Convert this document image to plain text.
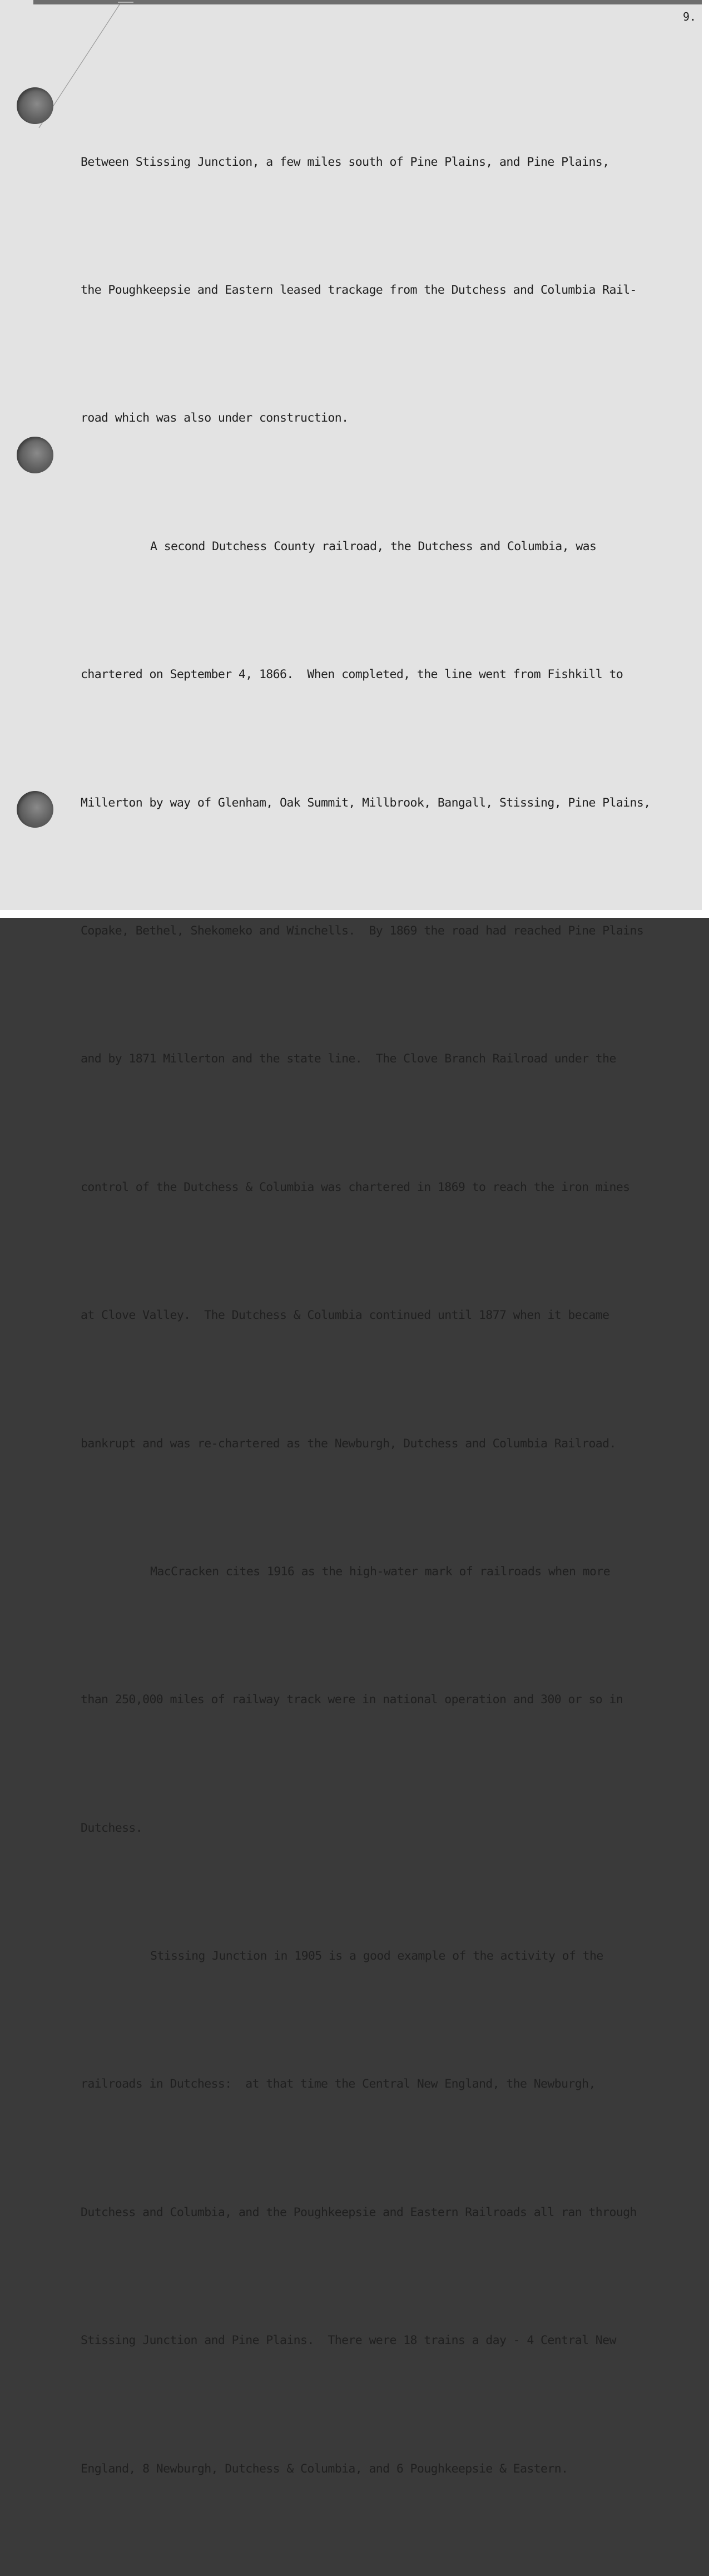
9.

Between Stissing Junction, a few miles south of Pine Plains, and Pine Plains,

the Poughkeepsie and Eastern leased trackage from the Dutchess and Columbia Rail-

road which was also under construction.

A second Dutchess County railroad, the Dutchess and Columbia, was

chartered on September 4, 1866.  When completed, the line went from Fishkill to

Millerton by way of Glenham, Oak Summit, Millbrook, Bangall, Stissing, Pine Plains,

Copake, Bethel, Shekomeko and Winchells.  By 1869 the road had reached Pine Plains

and by 1871 Millerton and the state line.  The Clove Branch Railroad under the

control of the Dutchess & Columbia was chartered in 1869 to reach the iron mines

at Clove Valley.  The Dutchess & Columbia continued until 1877 when it became

bankrupt and was re-chartered as the Newburgh, Dutchess and Columbia Railroad.

MacCracken cites 1916 as the high-water mark of railroads when more

than 250,000 miles of railway track were in national operation and 300 or so in

Dutchess.

Stissing Junction in 1905 is a good example of the activity of the

railroads in Dutchess:  at that time the Central New England, the Newburgh,

Dutchess and Columbia, and the Poughkeepsie and Eastern Railroads all ran through

Stissing Junction and Pine Plains.  There were 18 trains a day - 4 Central New

England, 8 Newburgh, Dutchess & Columbia, and 6 Poughkeepsie & Eastern.
